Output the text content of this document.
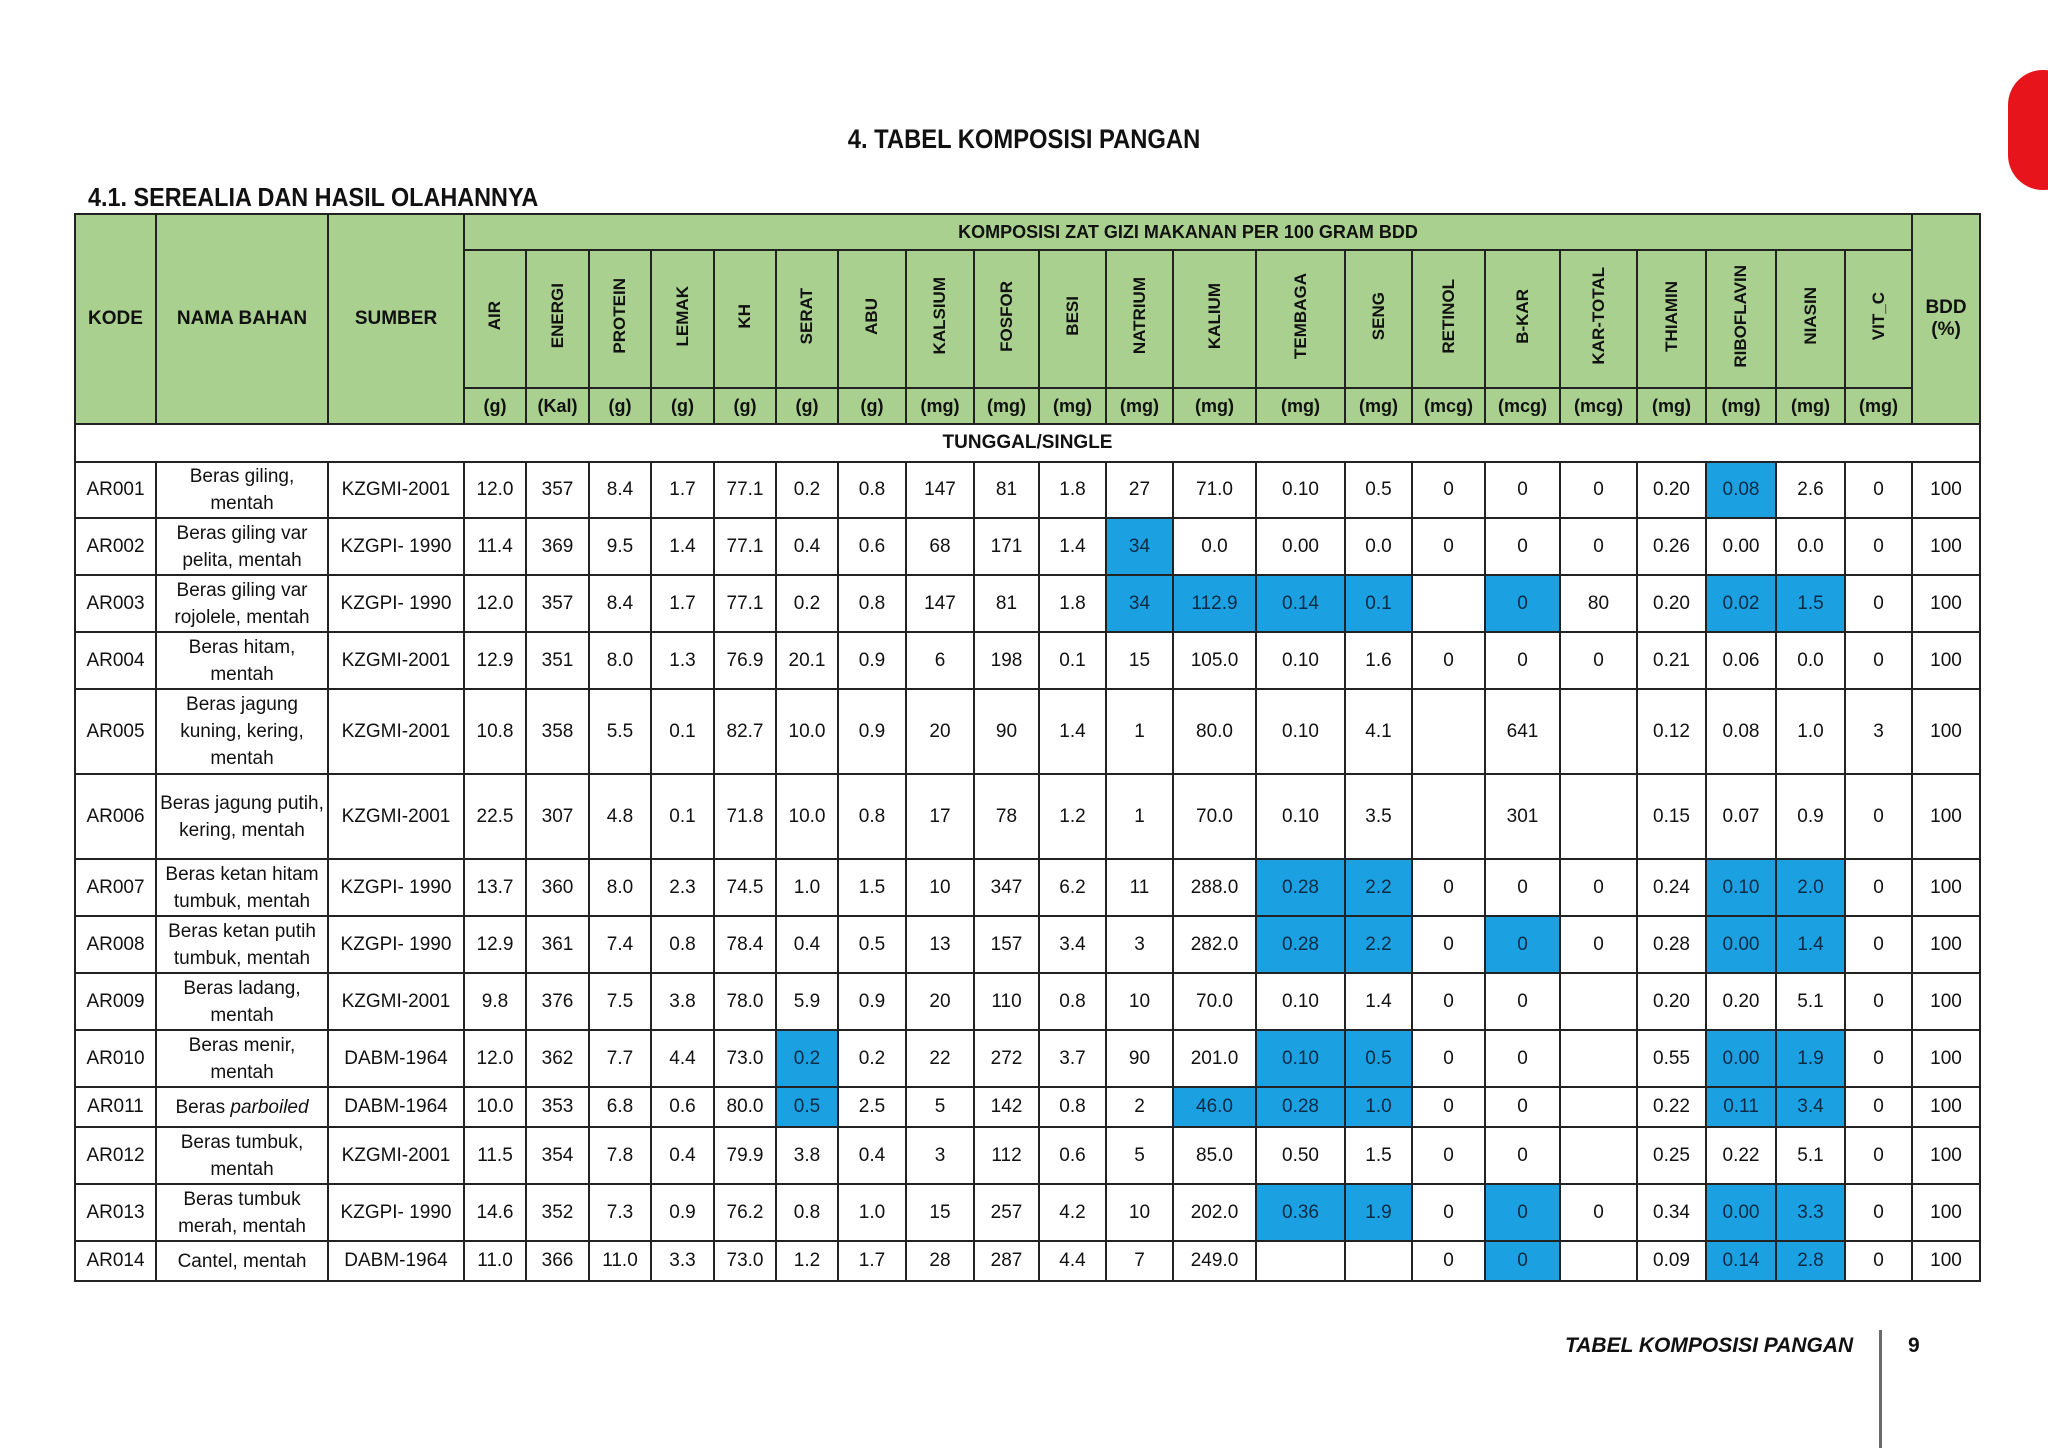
4. TABEL KOMPOSISI PANGAN
4.1. SEREALIA DAN HASIL OLAHANNYA
KODE	NAMA BAHAN	SUMBER	KOMPOSISI ZAT GIZI MAKANAN PER 100 GRAM BDD																					BDD (%)
			AIR	ENERGI	PROTEIN	LEMAK	KH	SERAT	ABU	KALSIUM	FOSFOR	BESI	NATRIUM	KALIUM	TEMBAGA	SENG	RETINOL	B-KAR	KAR-TOTAL	THIAMIN	RIBOFLAVIN	NIASIN	VIT_C	
			(g)	(Kal)	(g)	(g)	(g)	(g)	(g)	(mg)	(mg)	(mg)	(mg)	(mg)	(mg)	(mg)	(mcg)	(mcg)	(mcg)	(mg)	(mg)	(mg)	(mg)	
TUNGGAL/SINGLE																								
AR001	Beras giling, mentah	KZGMI-2001	12.0	357	8.4	1.7	77.1	0.2	0.8	147	81	1.8	27	71.0	0.10	0.5	0	0	0	0.20	0.08	2.6	0	100
AR002	Beras giling var pelita, mentah	KZGPI- 1990	11.4	369	9.5	1.4	77.1	0.4	0.6	68	171	1.4	34	0.0	0.00	0.0	0	0	0	0.26	0.00	0.0	0	100
AR003	Beras giling var rojolele, mentah	KZGPI- 1990	12.0	357	8.4	1.7	77.1	0.2	0.8	147	81	1.8	34	112.9	0.14	0.1		0	80	0.20	0.02	1.5	0	100
AR004	Beras hitam, mentah	KZGMI-2001	12.9	351	8.0	1.3	76.9	20.1	0.9	6	198	0.1	15	105.0	0.10	1.6	0	0	0	0.21	0.06	0.0	0	100
AR005	Beras jagung kuning, kering, mentah	KZGMI-2001	10.8	358	5.5	0.1	82.7	10.0	0.9	20	90	1.4	1	80.0	0.10	4.1		641		0.12	0.08	1.0	3	100
AR006	Beras jagung putih, kering, mentah	KZGMI-2001	22.5	307	4.8	0.1	71.8	10.0	0.8	17	78	1.2	1	70.0	0.10	3.5		301		0.15	0.07	0.9	0	100
AR007	Beras ketan hitam tumbuk, mentah	KZGPI- 1990	13.7	360	8.0	2.3	74.5	1.0	1.5	10	347	6.2	11	288.0	0.28	2.2	0	0	0	0.24	0.10	2.0	0	100
AR008	Beras ketan putih tumbuk, mentah	KZGPI- 1990	12.9	361	7.4	0.8	78.4	0.4	0.5	13	157	3.4	3	282.0	0.28	2.2	0	0	0	0.28	0.00	1.4	0	100
AR009	Beras ladang, mentah	KZGMI-2001	9.8	376	7.5	3.8	78.0	5.9	0.9	20	110	0.8	10	70.0	0.10	1.4	0	0		0.20	0.20	5.1	0	100
AR010	Beras menir, mentah	DABM-1964	12.0	362	7.7	4.4	73.0	0.2	0.2	22	272	3.7	90	201.0	0.10	0.5	0	0		0.55	0.00	1.9	0	100
AR011	Beras parboiled	DABM-1964	10.0	353	6.8	0.6	80.0	0.5	2.5	5	142	0.8	2	46.0	0.28	1.0	0	0		0.22	0.11	3.4	0	100
AR012	Beras tumbuk, mentah	KZGMI-2001	11.5	354	7.8	0.4	79.9	3.8	0.4	3	112	0.6	5	85.0	0.50	1.5	0	0		0.25	0.22	5.1	0	100
AR013	Beras tumbuk merah, mentah	KZGPI- 1990	14.6	352	7.3	0.9	76.2	0.8	1.0	15	257	4.2	10	202.0	0.36	1.9	0	0	0	0.34	0.00	3.3	0	100
AR014	Cantel, mentah	DABM-1964	11.0	366	11.0	3.3	73.0	1.2	1.7	28	287	4.4	7	249.0			0	0		0.09	0.14	2.8	0	100
TABEL KOMPOSISI PANGAN	9
